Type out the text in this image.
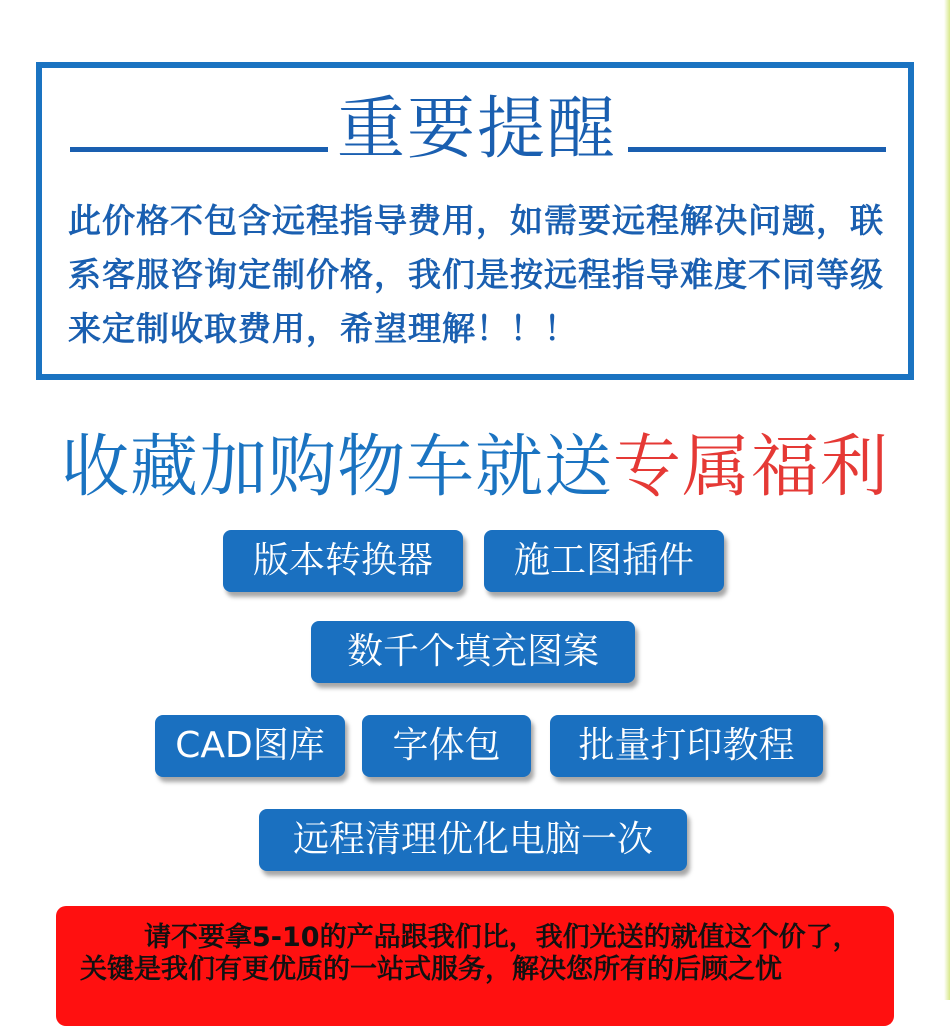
重要提醒
此价格不包含远程指导费用，如需要远程解决问题，联系客服咨询定制价格，我们是按远程指导难度不同等级来定制收取费用，希望理解！！！
收藏加购物车就送专属福利
版本转换器	施工图插件
数千个填充图案
CAD图库	字体包	批量打印教程
远程清理优化电脑一次
请不要拿5-10的产品跟我们比，我们光送的就值这个价了，关键是我们有更优质的一站式服务，解决您所有的后顾之忧
